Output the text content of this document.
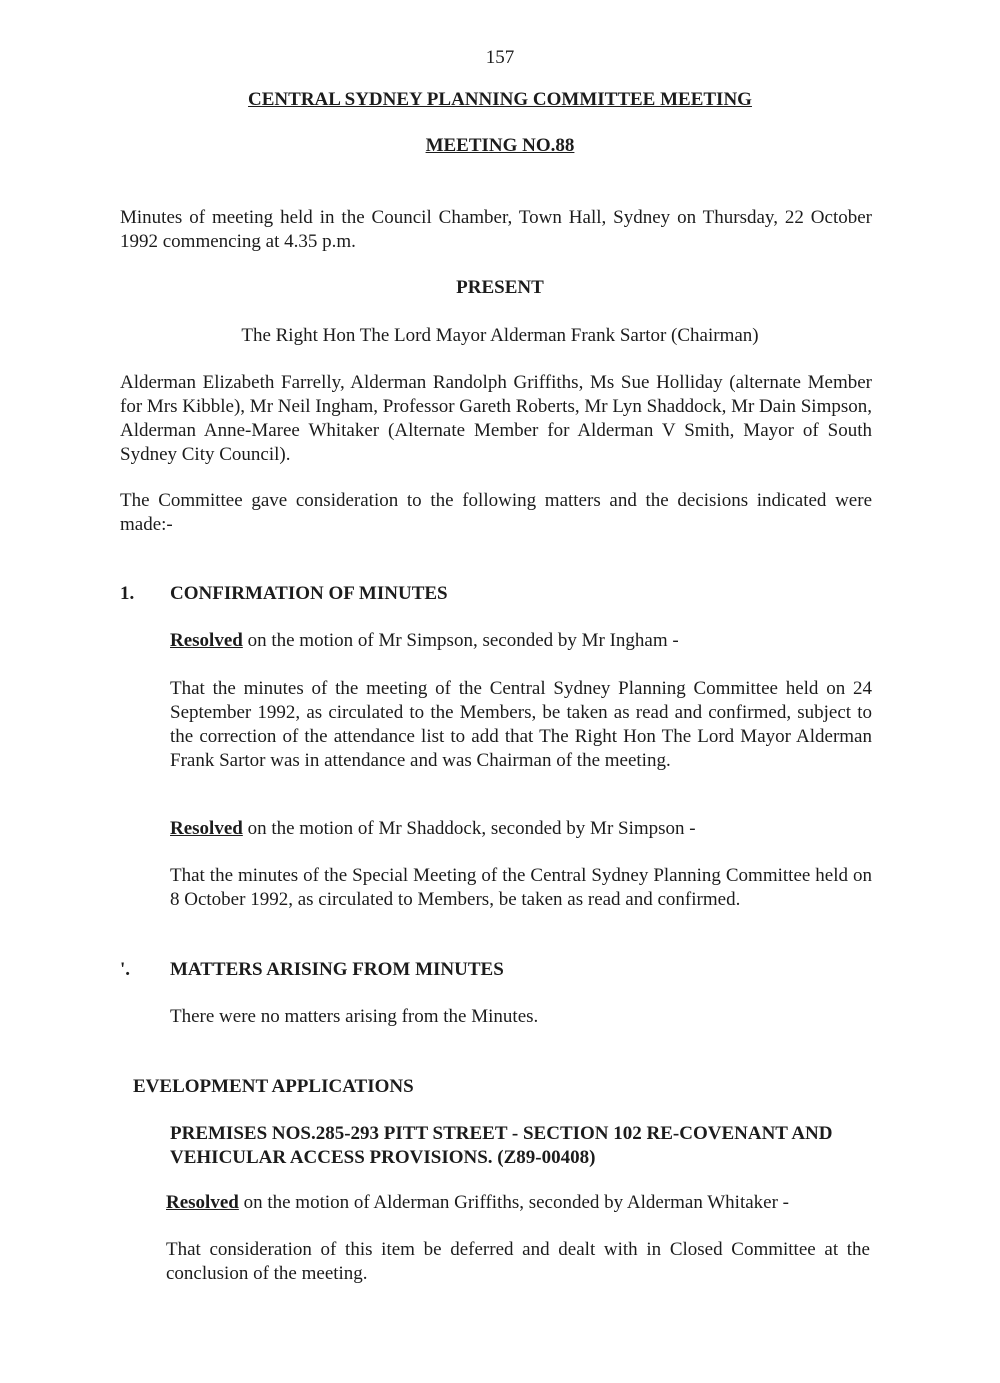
157
CENTRAL SYDNEY PLANNING COMMITTEE MEETING
MEETING NO.88

Minutes of meeting held in the Council Chamber, Town Hall, Sydney on Thursday, 22 October 1992 commencing at 4.35 p.m.

PRESENT
The Right Hon The Lord Mayor Alderman Frank Sartor (Chairman)

Alderman Elizabeth Farrelly, Alderman Randolph Griffiths, Ms Sue Holliday (alternate Member for Mrs Kibble), Mr Neil Ingham, Professor Gareth Roberts, Mr Lyn Shaddock, Mr Dain Simpson, Alderman Anne-Maree Whitaker (Alternate Member for Alderman V Smith, Mayor of South Sydney City Council).

The Committee gave consideration to the following matters and the decisions indicated were made:-

1. CONFIRMATION OF MINUTES
Resolved on the motion of Mr Simpson, seconded by Mr Ingham -

That the minutes of the meeting of the Central Sydney Planning Committee held on 24 September 1992, as circulated to the Members, be taken as read and confirmed, subject to the correction of the attendance list to add that The Right Hon The Lord Mayor Alderman Frank Sartor was in attendance and was Chairman of the meeting.

Resolved on the motion of Mr Shaddock, seconded by Mr Simpson -

That the minutes of the Special Meeting of the Central Sydney Planning Committee held on 8 October 1992, as circulated to Members, be taken as read and confirmed.

'. MATTERS ARISING FROM MINUTES
There were no matters arising from the Minutes.
EVELOPMENT APPLICATIONS

PREMISES NOS.285-293 PITT STREET - SECTION 102 RE-COVENANT AND VEHICULAR ACCESS PROVISIONS. (Z89-00408)

Resolved on the motion of Alderman Griffiths, seconded by Alderman Whitaker -

That consideration of this item be deferred and dealt with in Closed Committee at the conclusion of the meeting.
